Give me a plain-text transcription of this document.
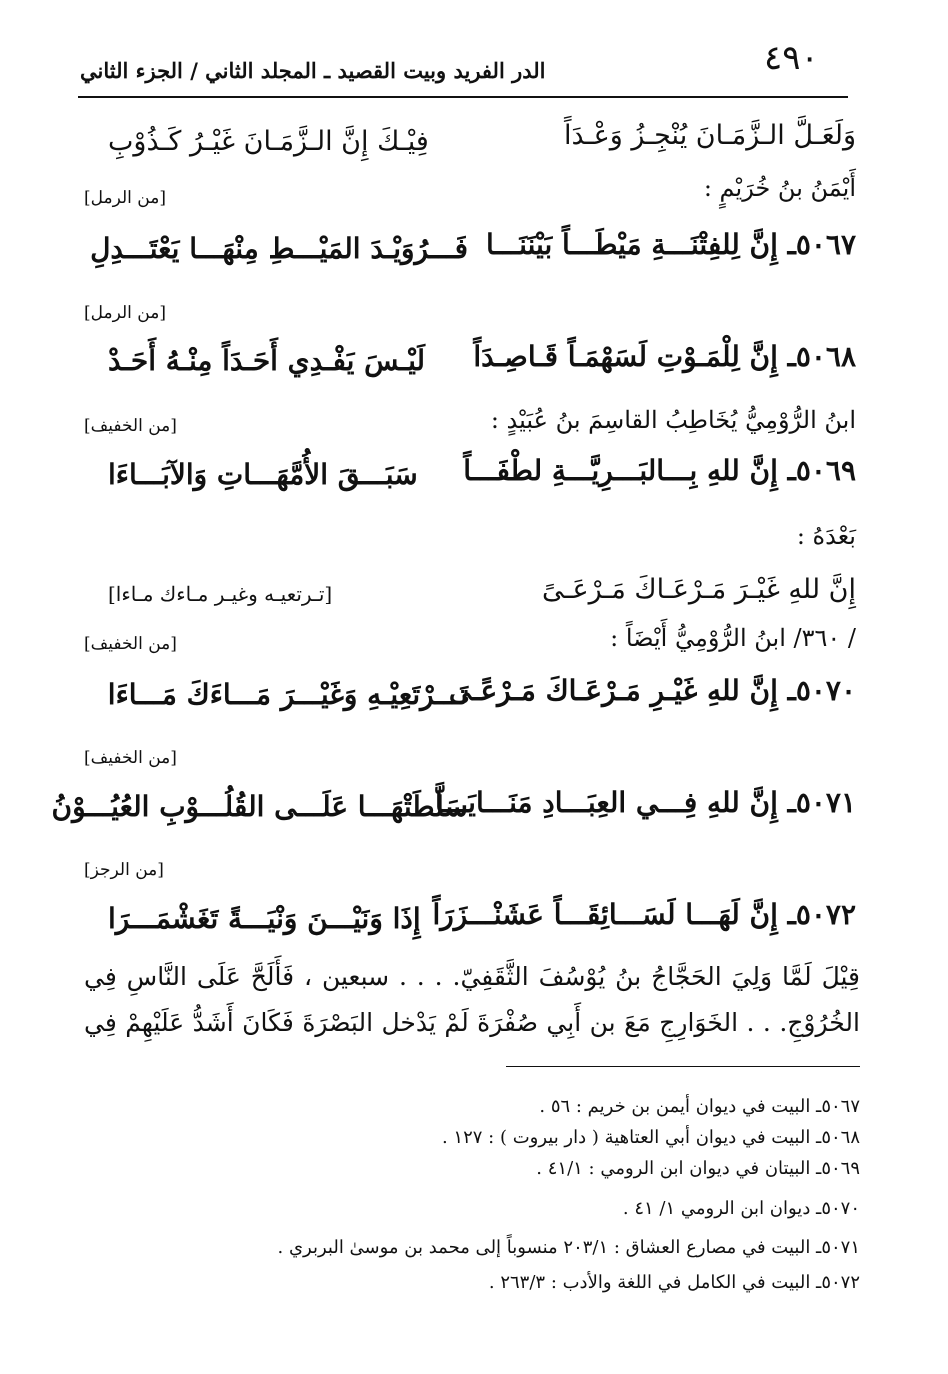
٤٩٠
الدر الفريد وبيت القصيد ـ المجلد الثاني / الجزء الثاني
وَلَعَـلَّ الـزَّمَـانَ يُنْجِـزُ وَعْـدَاً
فِيْـكَ إِنَّ الـزَّمَـانَ غَيْـرُ كَـذُوْبِ
أَيْمَنُ بنُ خُرَيْمٍ :
[من الرمل]
٥٠٦٧ـ إِنَّ لِلفِتْنَـــةِ مَيْطَـــاً بَيْنَنَـــا
فَـــرُوَيْـدَ المَيْـــطِ مِنْهَـــا يَعْتَـــدِلِ
[من الرمل]
٥٠٦٨ـ إِنَّ لِلْمَـوْتِ لَسَهْمَـاً قَـاصِـدَاً
لَيْـسَ يَفْـدِي أَحَـدَاً مِنْـهُ أَحَـدْ
ابنُ الرُّوْمِيُّ يُخَاطِبُ القاسِمَ بنُ عُبَيْدٍ :
[من الخفيف]
٥٠٦٩ـ إِنَّ للهِ بِـــالبَـــرِيَّـــةِ لطْفَـــاً
سَبَـــقَ الأُمَّهَـــاتِ وَالآبَـــاءَا
بَعْدَهُ :
إِنَّ للهِ غَيْـرَ مَـرْعَـاكَ مَـرْعَـىً
[تـرتعيـه وغيـر مـاءك مـاءا]
/ ٣٦٠/ ابنُ الرُّوْمِيُّ أَيْضَاً :
[من الخفيف]
٥٠٧٠ـ إِنَّ للهِ غَيْـرِ مَـرْعَـاكَ مَـرْعًـى
تَـــرْتَعِيْـهِ وَغَيْـــرَ مَـــاءَكَ مَـــاءَا
[من الخفيف]
٥٠٧١ـ إِنَّ للهِ فِـــي العِبَـــادِ مَنَـــايَـــا
سَلَّطَتْهَـــا عَلَـــى القُلُـــوْبِ العُيُـــوْنُ
[من الرجز]
٥٠٧٢ـ إِنَّ لَهَـــا لَسَـــائِقَـــاً عَشَنْـــزَرَاً
إِذَا وَنَيْـــنَ وَنْيَـــةً تَغَشْمَـــرَا
قِيْلَ لَمَّا وَلِيَ الحَجَّاجُ بنُ يُوْسُفَ الثَّقَفِيّ. . . . سبعين ، فَأَلَحَّ عَلَى النَّاسِ فِي
الخُرُوْجِ. . . الخَوَارِجِ مَعَ بن أَبِي صُفْرَةَ لَمْ يَدْخل البَصْرَةَ فَكَانَ أَشَدُّ عَلَيْهِمْ فِي
٥٠٦٧ـ البيت في ديوان أيمن بن خريم : ٥٦ .
٥٠٦٨ـ البيت في ديوان أبي العتاهية ( دار بيروت ) : ١٢٧ .
٥٠٦٩ـ البيتان في ديوان ابن الرومي : ٤١/١ .
٥٠٧٠ـ ديوان ابن الرومي ١/ ٤١ .
٥٠٧١ـ البيت في مصارع العشاق : ٢٠٣/١ منسوباً إلى محمد بن موسىٰ البربري .
٥٠٧٢ـ البيت في الكامل في اللغة والأدب : ٢٦٣/٣ .
